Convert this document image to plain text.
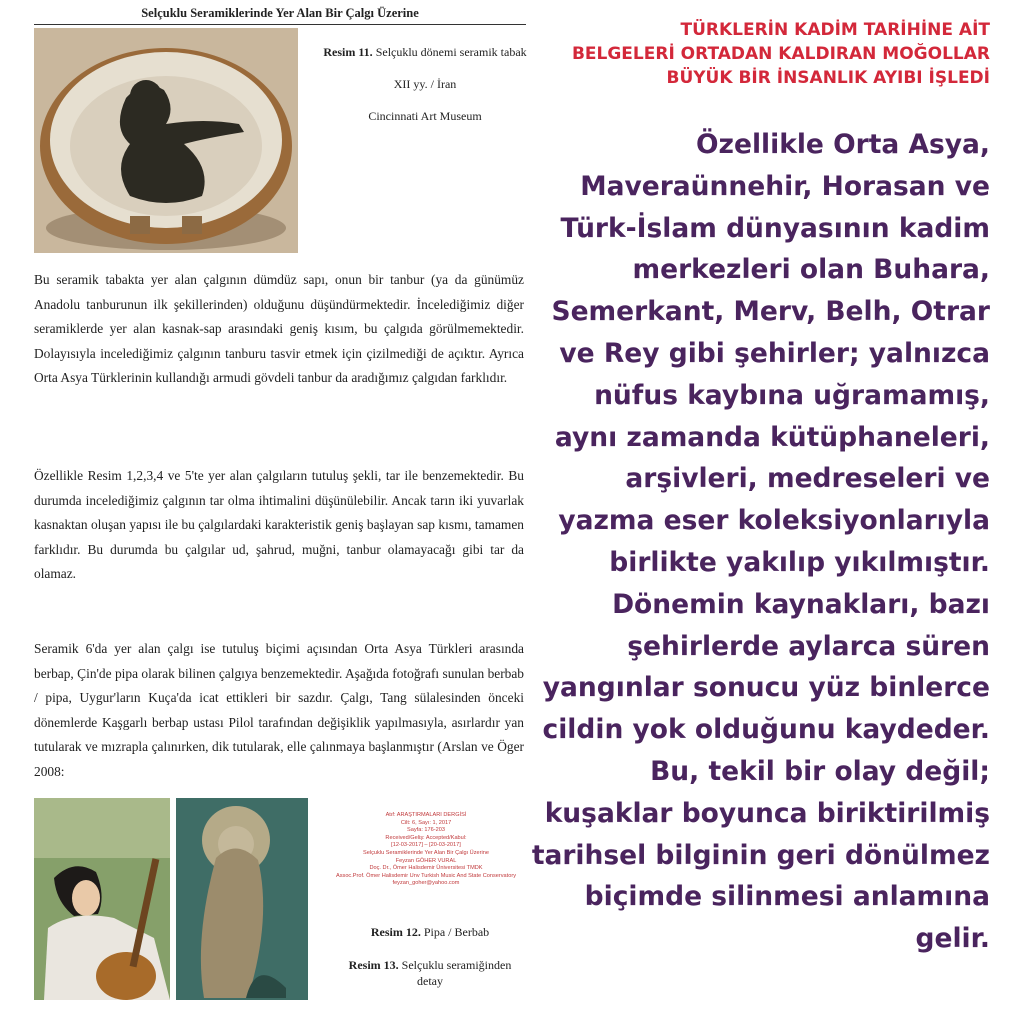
Selçuklu Seramiklerinde Yer Alan Bir Çalgı Üzerine
Resim 11. Selçuklu dönemi seramik tabak
XII yy. / İran
Cincinnati Art Museum
Bu seramik tabakta yer alan çalgının dümdüz sapı, onun bir tanbur (ya da günümüz Anadolu tanburunun ilk şekillerinden) olduğunu düşündürmektedir. İncelediğimiz diğer seramiklerde yer alan kasnak-sap arasındaki geniş kısım, bu çalgıda görülmemektedir. Dolayısıyla incelediğimiz çalgının tanburu tasvir etmek için çizilmediği de açıktır. Ayrıca Orta Asya Türklerinin kullandığı armudi gövdeli tanbur da aradığımız çalgıdan farklıdır.
Özellikle Resim 1,2,3,4 ve 5'te yer alan çalgıların tutuluş şekli, tar ile benzemektedir. Bu durumda incelediğimiz çalgının tar olma ihtimalini düşünülebilir. Ancak tarın iki yuvarlak kasnaktan oluşan yapısı ile bu çalgılardaki karakteristik geniş başlayan sap kısmı, tamamen farklıdır. Bu durumda bu çalgılar ud, şahrud, muğni, tanbur olamayacağı gibi tar da olamaz.
Seramik 6'da yer alan çalgı ise tutuluş biçimi açısından Orta Asya Türkleri arasında berbap, Çin'de pipa olarak bilinen çalgıya benzemektedir. Aşağıda fotoğrafı sunulan berbab / pipa, Uygur'ların Kuça'da icat ettikleri bir sazdır. Çalgı, Tang sülalesinden önceki dönemlerde Kaşgarlı berbap ustası Pilol tarafından değişiklik yapılmasıyla, asırlardır yan tutularak ve mızrapla çalınırken, dik tutularak, elle çalınmaya başlanmıştır (Arslan ve Öger 2008:
Atıf: ARAŞTIRMALARI DERGİSİ
Cilt: 6, Sayı: 1, 2017
Sayfa: 176-203
Received/Geliş: Accepted/Kabul:
[12-03-2017] – [20-03-2017]
Selçuklu Seramiklerinde Yer Alan Bir Çalgı Üzerine
Feyzan GÖHER VURAL
Doç. Dr., Ömer Halisdemir Üniversitesi TMDK
Assoc.Prof. Ömer Halisdemir Unv Turkish Music And State Conservatory
feyzan_goher@yahoo.com
Resim 12. Pipa / Berbab
Resim 13. Selçuklu seramiğinden
detay
TÜRKLERİN KADİM TARİHİNE AİT
BELGELERİ ORTADAN KALDIRAN MOĞOLLAR
BÜYÜK BİR İNSANLIK AYIBI İŞLEDİ
Özellikle Orta Asya,
Maveraünnehir, Horasan ve
Türk-İslam dünyasının kadim
merkezleri olan Buhara,
Semerkant, Merv, Belh, Otrar
ve Rey gibi şehirler; yalnızca
nüfus kaybına uğramamış,
aynı zamanda kütüphaneleri,
arşivleri, medreseleri ve
yazma eser koleksiyonlarıyla
birlikte yakılıp yıkılmıştır.
Dönemin kaynakları, bazı
şehirlerde aylarca süren
yangınlar sonucu yüz binlerce
cildin yok olduğunu kaydeder.
Bu, tekil bir olay değil;
kuşaklar boyunca biriktirilmiş
tarihsel bilginin geri dönülmez
biçimde silinmesi anlamına
gelir.
